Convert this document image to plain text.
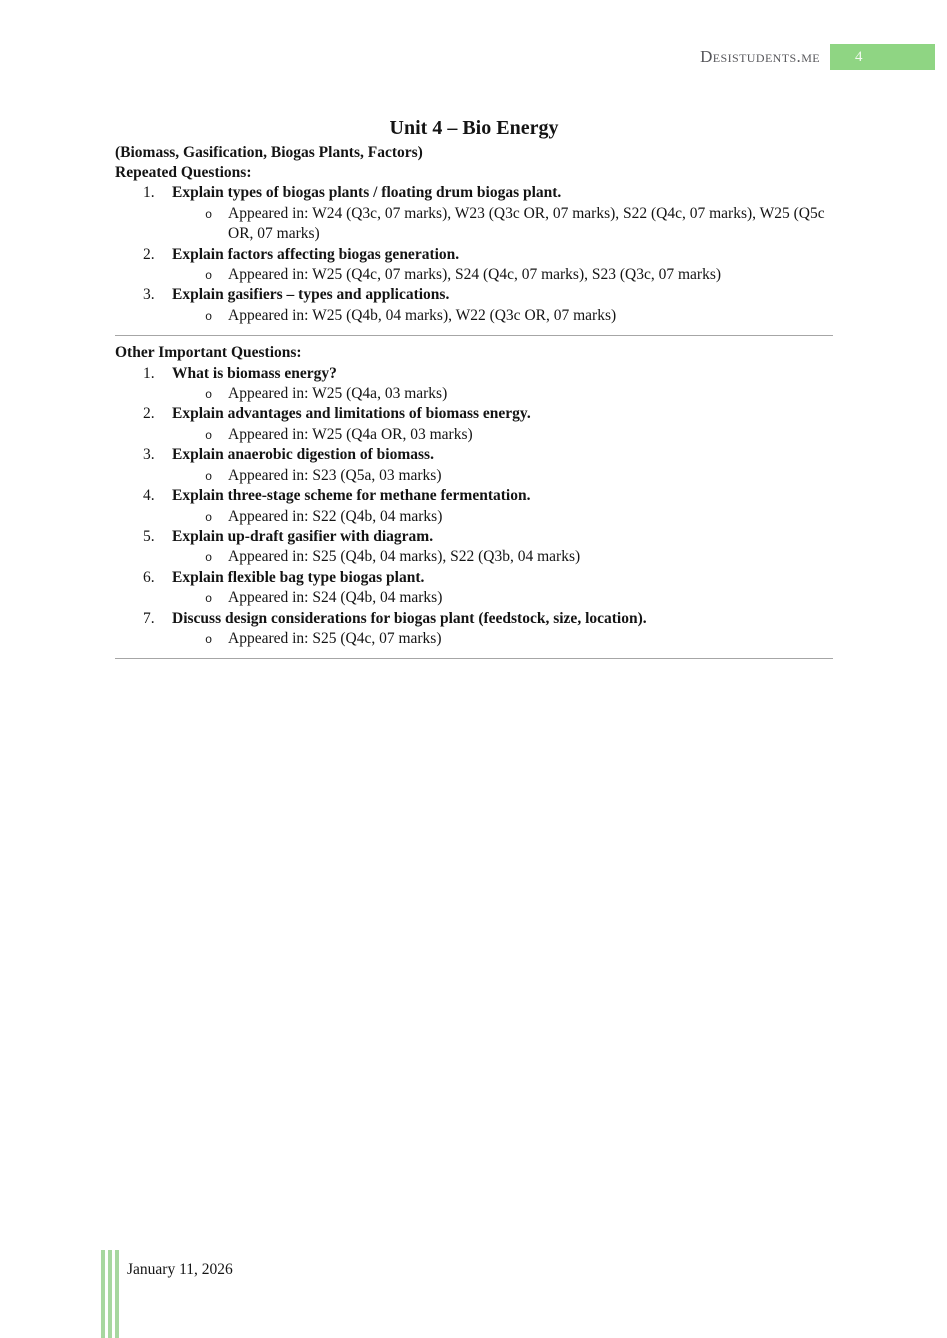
Desistudents.me	4
Unit 4 – Bio Energy
(Biomass, Gasification, Biogas Plants, Factors)
Repeated Questions:
1.	Explain types of biogas plants / floating drum biogas plant.
o Appeared in: W24 (Q3c, 07 marks), W23 (Q3c OR, 07 marks), S22 (Q4c, 07 marks), W25 (Q5c OR, 07 marks)
2.	Explain factors affecting biogas generation.
o Appeared in: W25 (Q4c, 07 marks), S24 (Q4c, 07 marks), S23 (Q3c, 07 marks)
3.	Explain gasifiers – types and applications.
o Appeared in: W25 (Q4b, 04 marks), W22 (Q3c OR, 07 marks)
Other Important Questions:
1.	What is biomass energy?
o Appeared in: W25 (Q4a, 03 marks)
2.	Explain advantages and limitations of biomass energy.
o Appeared in: W25 (Q4a OR, 03 marks)
3.	Explain anaerobic digestion of biomass.
o Appeared in: S23 (Q5a, 03 marks)
4.	Explain three-stage scheme for methane fermentation.
o Appeared in: S22 (Q4b, 04 marks)
5.	Explain up-draft gasifier with diagram.
o Appeared in: S25 (Q4b, 04 marks), S22 (Q3b, 04 marks)
6.	Explain flexible bag type biogas plant.
o Appeared in: S24 (Q4b, 04 marks)
7.	Discuss design considerations for biogas plant (feedstock, size, location).
o Appeared in: S25 (Q4c, 07 marks)
January 11, 2026
